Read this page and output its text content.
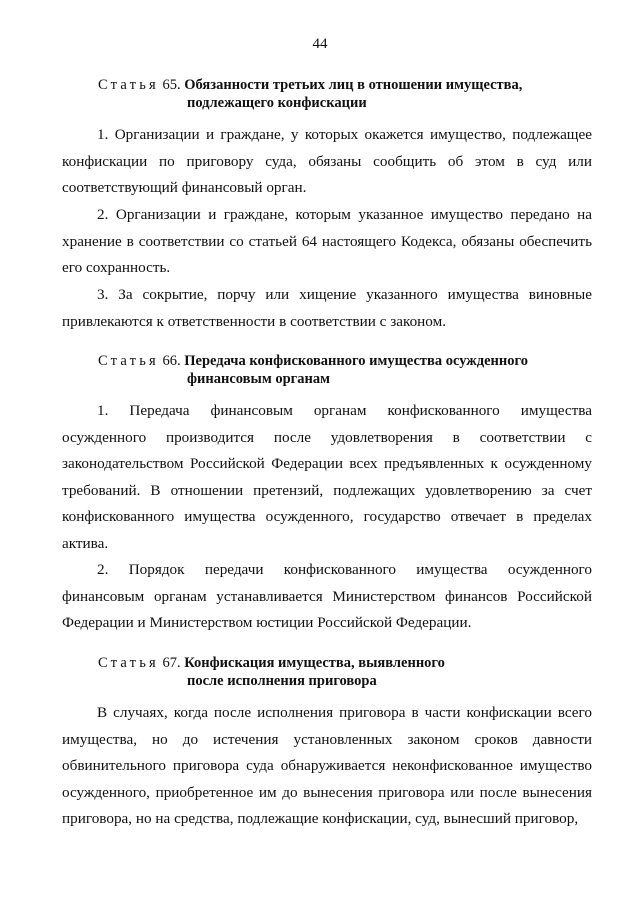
44
Статья 65. Обязанности третьих лиц в отношении имущества,
подлежащего конфискации

1. Организации и граждане, у которых окажется имущество, подлежащее конфискации по приговору суда, обязаны сообщить об этом в суд или соответствующий финансовый орган.

2. Организации и граждане, которым указанное имущество передано на хранение в соответствии со статьей 64 настоящего Кодекса, обязаны обеспечить его сохранность.

3. За сокрытие, порчу или хищение указанного имущества виновные привлекаются к ответственности в соответствии с законом.

Статья 66. Передача конфискованного имущества осужденного
финансовым органам

1. Передача финансовым органам конфискованного имущества осужденного производится после удовлетворения в соответствии с законодательством Российской Федерации всех предъявленных к осужденному требований. В отношении претензий, подлежащих удовлетворению за счет конфискованного имущества осужденного, государство отвечает в пределах актива.

2. Порядок передачи конфискованного имущества осужденного финансовым органам устанавливается Министерством финансов Российской Федерации и Министерством юстиции Российской Федерации.

Статья 67. Конфискация имущества, выявленного
после исполнения приговора

В случаях, когда после исполнения приговора в части конфискации всего имущества, но до истечения установленных законом сроков давности обвинительного приговора суда обнаруживается неконфискованное имущество осужденного, приобретенное им до вынесения приговора или после вынесения приговора, но на средства, подлежащие конфискации, суд, вынесший приговор,
